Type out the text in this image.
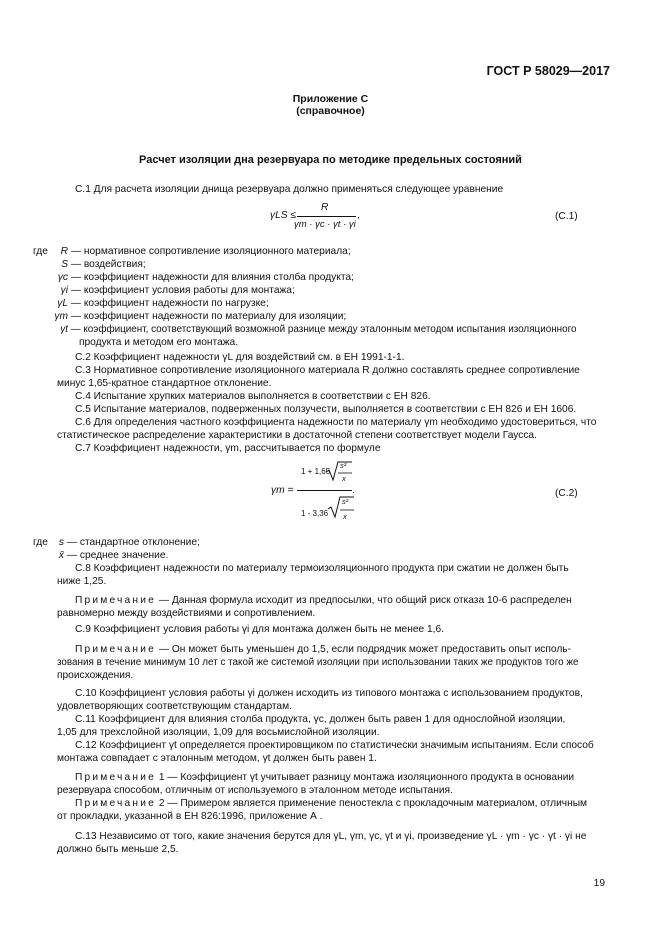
ГОСТ Р 58029—2017
Приложение С
(справочное)
Расчет изоляции дна резервуара по методике предельных состояний
С.1 Для расчета изоляции днища резервуара должно применяться следующее уравнение
γLS ≤
R
γm · γc · γt · γi
,	(С.1)
где R — нормативное сопротивление изоляционного материала;
S — воздействия;
γc — коэффициент надежности для влияния столба продукта;
γi — коэффициент условия работы для монтажа;
γL — коэффициент надежности по нагрузке;
γm — коэффициент надежности по материалу для изоляции;
γt — коэффициент, соответствующий возможной разнице между эталонным методом испытания изоляционного
продукта и методом его монтажа.
С.2 Коэффициент надежности γL для воздействий см. в ЕН 1991-1-1.
С.3 Нормативное сопротивление изоляционного материала R должно составлять среднее сопротивление
минус 1,65-кратное стандартное отклонение.
С.4 Испытание хрупких материалов выполняется в соответствии с ЕН 826.
С.5 Испытание материалов, подверженных ползучести, выполняется в соответствии с ЕН 826 и ЕН 1606.
С.6 Для определения частного коэффициента надежности по материалу γm необходимо удостовериться, что
статистическое распределение характеристики в достаточной степени соответствует модели Гаусса.
С.7 Коэффициент надежности, γm, рассчитывается по формуле
γm =
1 + 1,65
s²
x
1 - 3,36
s²
x
.	(С.2)
где s — стандартное отклонение;
x̄ — среднее значение.
С.8 Коэффициент надежности по материалу термоизоляционного продукта при сжатии не должен быть
ниже 1,25.
Примечание — Данная формула исходит из предпосылки, что общий риск отказа 10-6 распределен
равномерно между воздействиями и сопротивлением.
С.9 Коэффициент условия работы γi для монтажа должен быть не менее 1,6.
Примечание — Он может быть уменьшен до 1,5, если подрядчик может предоставить опыт исполь-
зования в течение минимум 10 лет с такой же системой изоляции при использовании таких же продуктов того же
происхождения.
С.10 Коэффициент условия работы γi должен исходить из типового монтажа с использованием продуктов,
удовлетворяющих соответствующим стандартам.
С.11 Коэффициент для влияния столба продукта, γc, должен быть равен 1 для однослойной изоляции,
1,05 для трехслойной изоляции, 1,09 для восьмислойной изоляции.
С.12 Коэффициент γt определяется проектировщиком по статистически значимым испытаниям. Если способ
монтажа совпадает с эталонным методом, γt должен быть равен 1.
Примечание 1 — Коэффициент γt учитывает разницу монтажа изоляционного продукта в основании
резервуара способом, отличным от используемого в эталонном методе испытания.
Примечание 2 — Примером является применение пеностекла с прокладочным материалом, отличным
от прокладки, указанной в ЕН 826:1996, приложение А .
С.13 Независимо от того, какие значения берутся для γL, γm, γc, γt и γi, произведение γL · γm · γc · γt · γi не
должно быть меньше 2,5.
19
